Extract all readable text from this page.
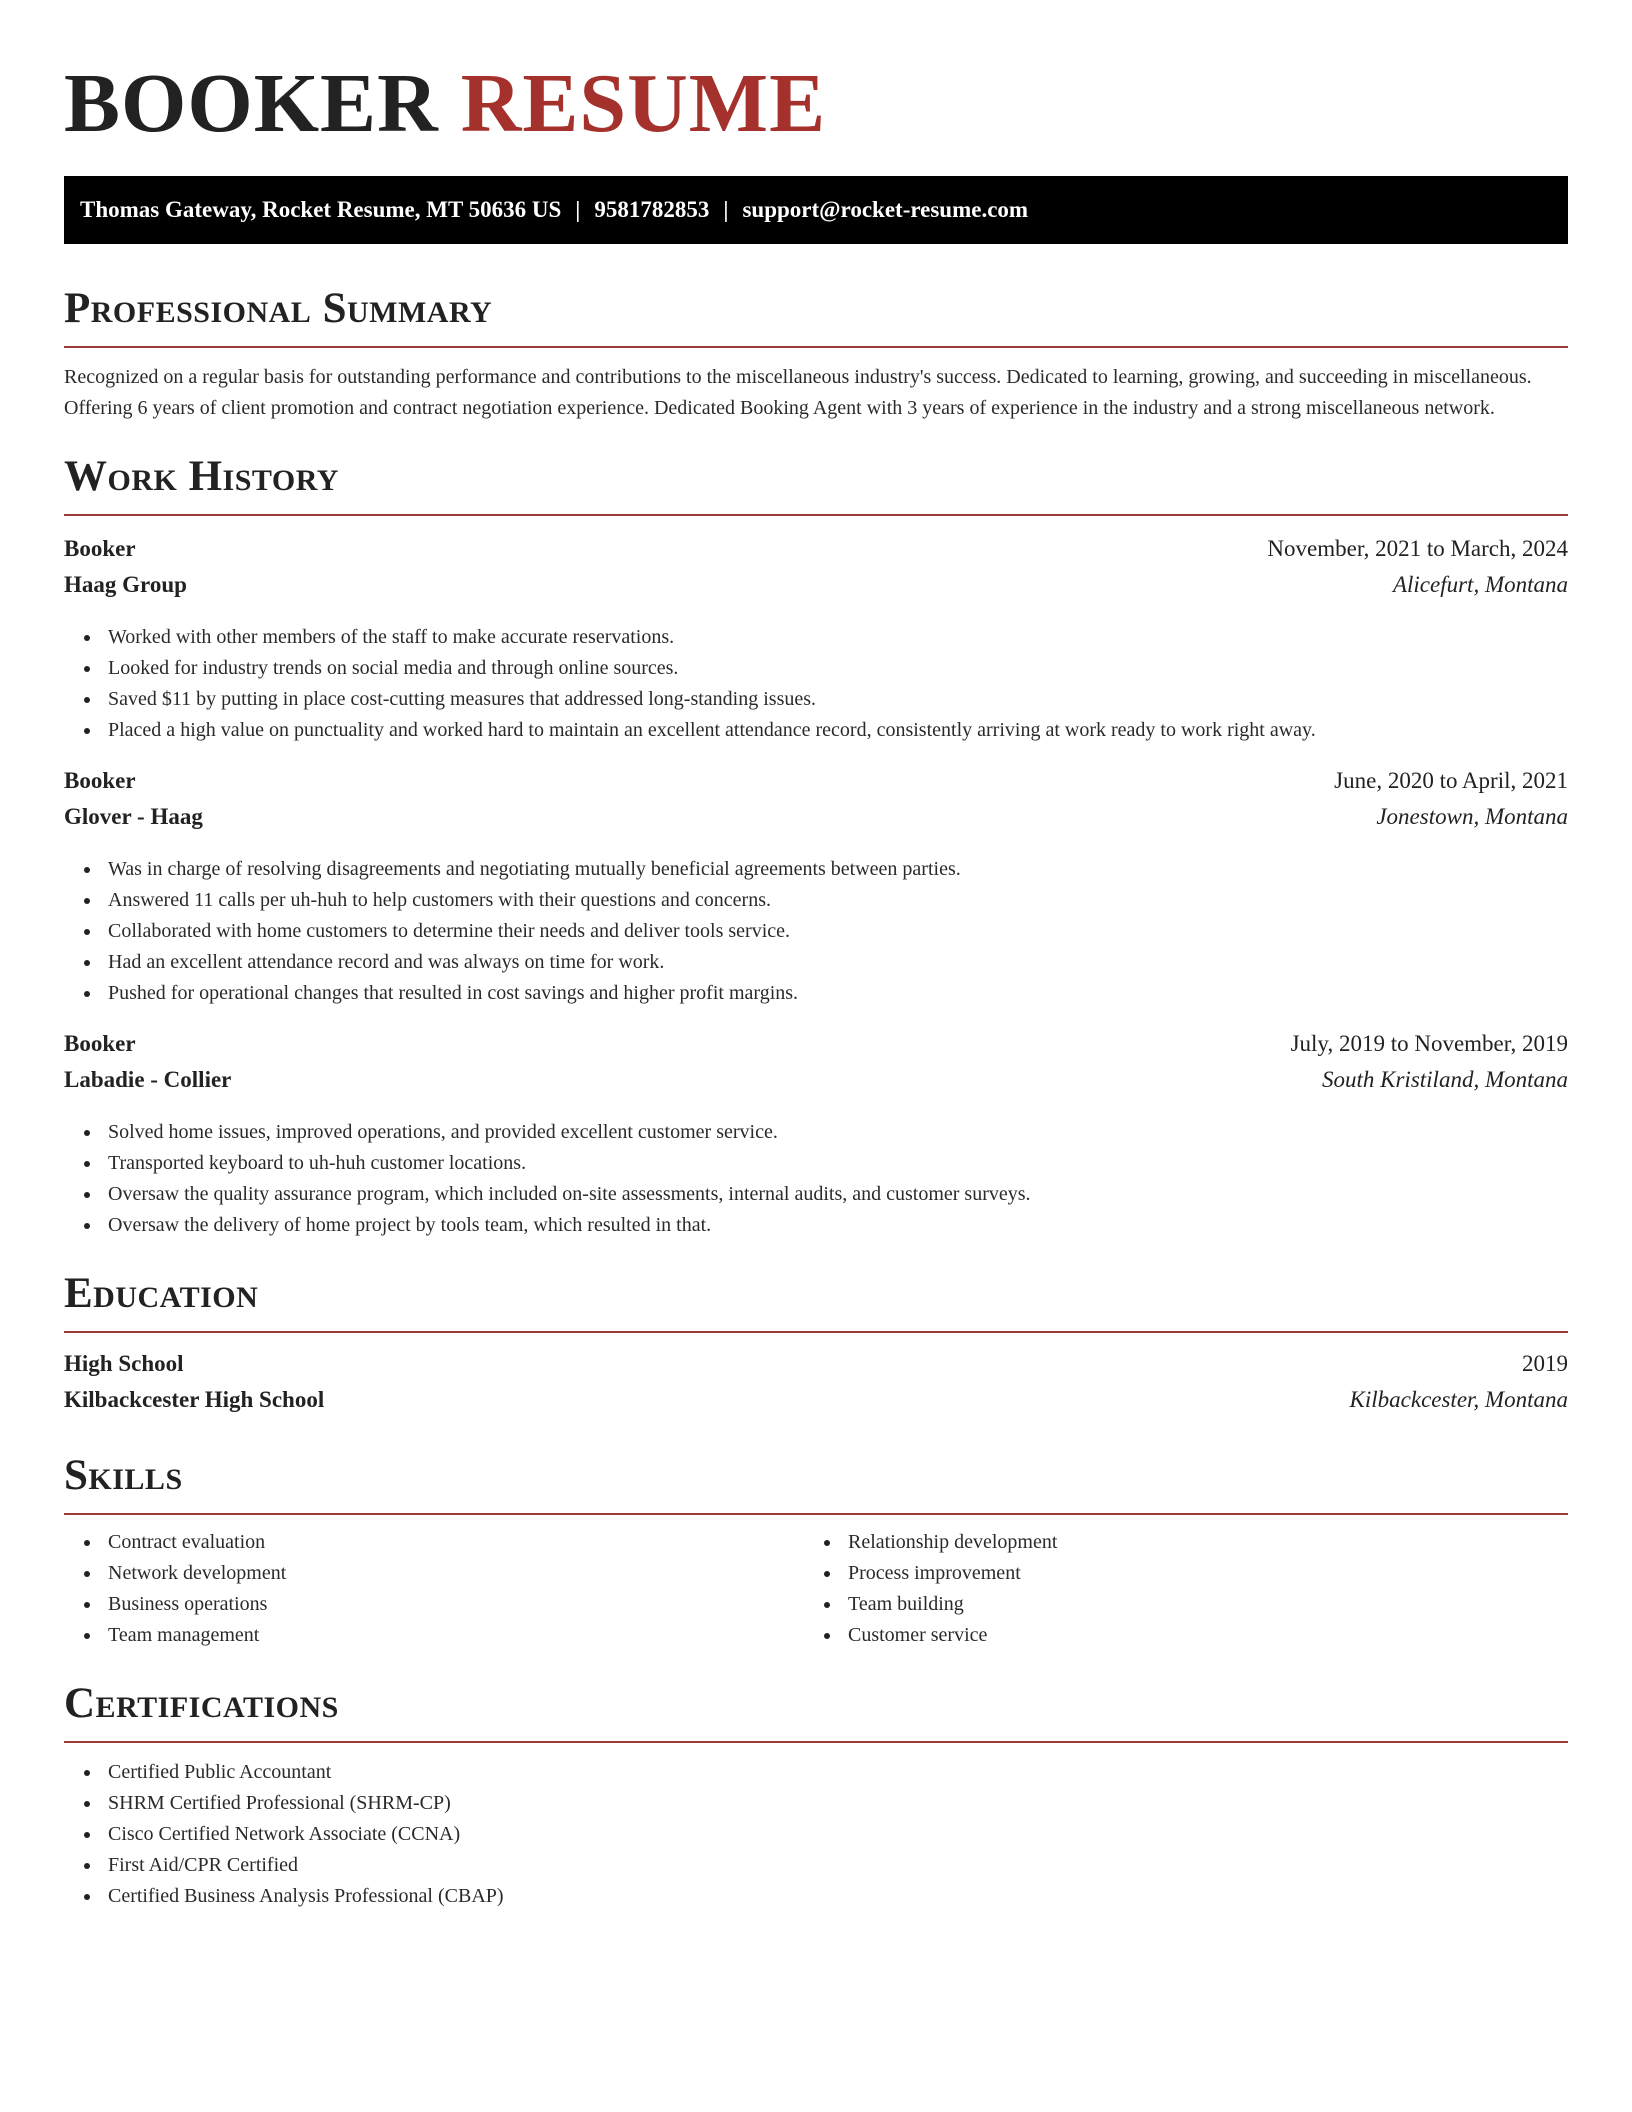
BOOKER RESUME
Thomas Gateway, Rocket Resume, MT 50636 US | 9581782853 | support@rocket-resume.com
Professional Summary

Recognized on a regular basis for outstanding performance and contributions to the miscellaneous industry's success. Dedicated to learning, growing, and succeeding in miscellaneous. Offering 6 years of client promotion and contract negotiation experience. Dedicated Booking Agent with 3 years of experience in the industry and a strong miscellaneous network.

Work History
Booker	November, 2021 to March, 2024
Haag Group	Alicefurt, Montana
Worked with other members of the staff to make accurate reservations.
Looked for industry trends on social media and through online sources.
Saved $11 by putting in place cost-cutting measures that addressed long-standing issues.
Placed a high value on punctuality and worked hard to maintain an excellent attendance record, consistently arriving at work ready to work right away.
Booker	June, 2020 to April, 2021
Glover - Haag	Jonestown, Montana
Was in charge of resolving disagreements and negotiating mutually beneficial agreements between parties.
Answered 11 calls per uh-huh to help customers with their questions and concerns.
Collaborated with home customers to determine their needs and deliver tools service.
Had an excellent attendance record and was always on time for work.
Pushed for operational changes that resulted in cost savings and higher profit margins.
Booker	July, 2019 to November, 2019
Labadie - Collier	South Kristiland, Montana
Solved home issues, improved operations, and provided excellent customer service.
Transported keyboard to uh-huh customer locations.
Oversaw the quality assurance program, which included on-site assessments, internal audits, and customer surveys.
Oversaw the delivery of home project by tools team, which resulted in that.
Education
High School	2019
Kilbackcester High School	Kilbackcester, Montana
Skills
Contract evaluation
Network development
Business operations
Team management
Relationship development
Process improvement
Team building
Customer service
Certifications
Certified Public Accountant
SHRM Certified Professional (SHRM-CP)
Cisco Certified Network Associate (CCNA)
First Aid/CPR Certified
Certified Business Analysis Professional (CBAP)
